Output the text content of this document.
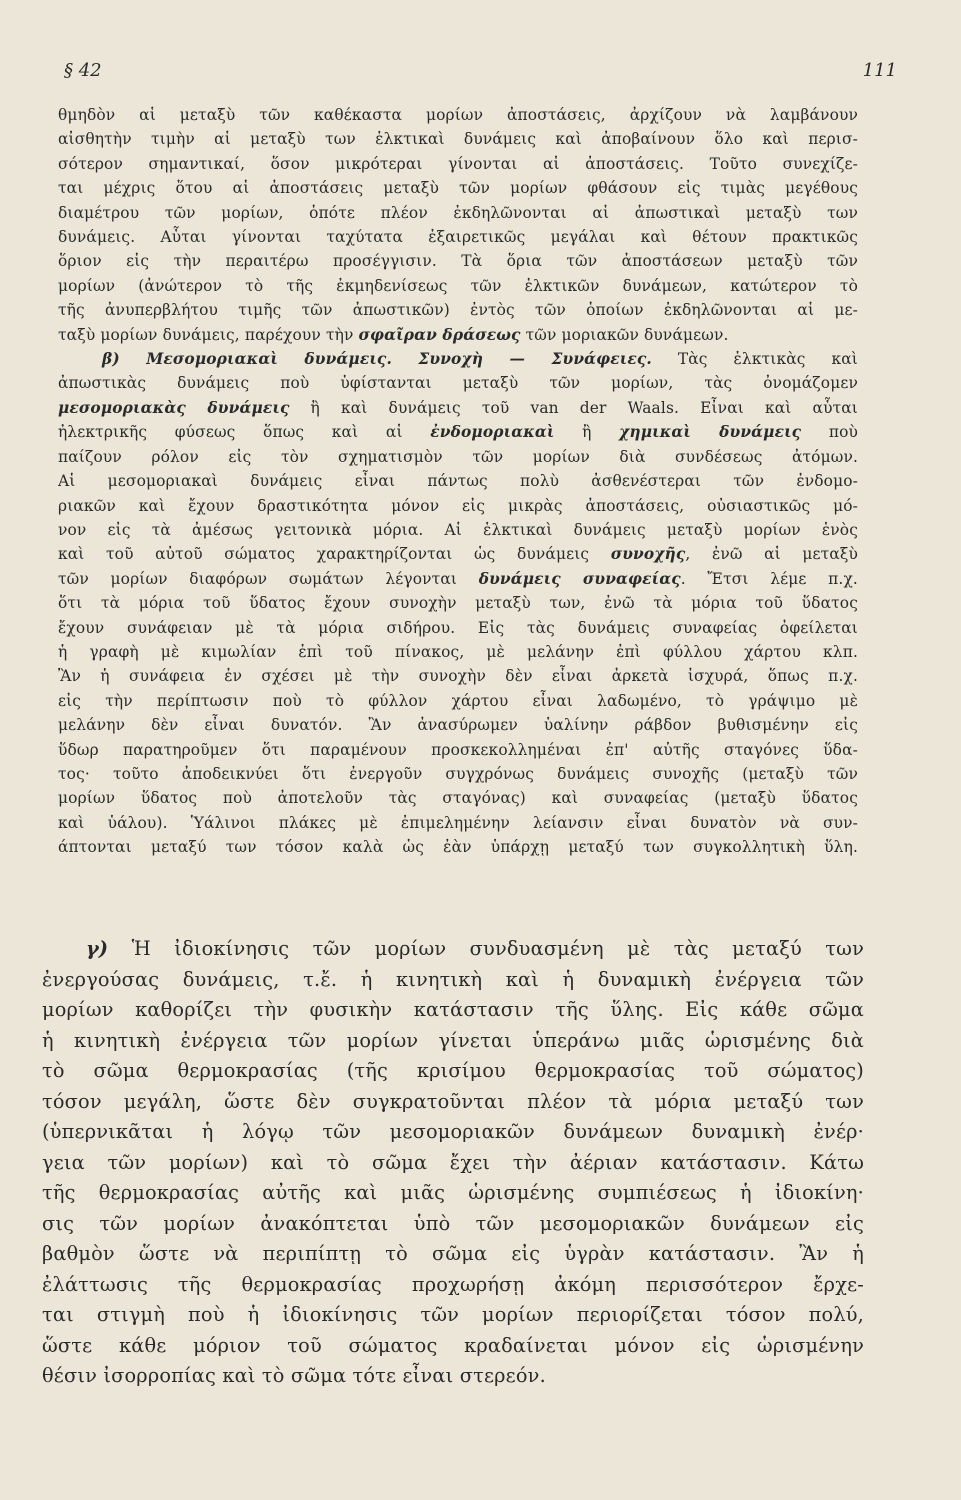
§ 42	111
θμηδὸν αἱ μεταξὺ τῶν καθέκαστα μορίων ἀποστάσεις, ἀρχίζουν νὰ λαμβάνουν
αἰσθητὴν τιμὴν αἱ μεταξὺ των ἑλκτικαὶ δυνάμεις καὶ ἀποβαίνουν ὅλο καὶ περισ-
σότερον σημαντικαί, ὅσον μικρότεραι γίνονται αἱ ἀποστάσεις. Τοῦτο συνεχίζε-
ται μέχρις ὅτου αἱ ἀποστάσεις μεταξὺ τῶν μορίων φθάσουν εἰς τιμὰς μεγέθους
διαμέτρου τῶν μορίων, ὁπότε πλέον ἐκδηλῶνονται αἱ ἀπωστικαὶ μεταξὺ των
δυνάμεις. Αὗται γίνονται ταχύτατα ἐξαιρετικῶς μεγάλαι καὶ θέτουν πρακτικῶς
ὅριον εἰς τὴν περαιτέρω προσέγγισιν. Τὰ ὅρια τῶν ἀποστάσεων μεταξὺ τῶν
μορίων (ἀνώτερον τὸ τῆς ἐκμηδενίσεως τῶν ἑλκτικῶν δυνάμεων, κατώτερον τὸ
τῆς ἀνυπερβλήτου τιμῆς τῶν ἀπωστικῶν) ἐντὸς τῶν ὁποίων ἐκδηλῶνονται αἱ με-
ταξὺ μορίων δυνάμεις, παρέχουν τὴν σφαῖραν δράσεως τῶν μοριακῶν δυνάμεων.
β) Μεσομοριακαὶ δυνάμεις. Συνοχὴ — Συνάφειες. Τὰς ἑλκτικὰς καὶ
ἀπωστικὰς δυνάμεις ποὺ ὑφίστανται μεταξὺ τῶν μορίων, τὰς ὀνομάζομεν
μεσομοριακὰς δυνάμεις ἢ καὶ δυνάμεις τοῦ van der Waals. Εἶναι καὶ αὗται
ἠλεκτρικῆς φύσεως ὅπως καὶ αἱ ἐνδομοριακαὶ ἢ χημικαὶ δυνάμεις ποὺ
παίζουν ρόλον εἰς τὸν σχηματισμὸν τῶν μορίων διὰ συνδέσεως ἀτόμων.
Αἱ μεσομοριακαὶ δυνάμεις εἶναι πάντως πολὺ ἀσθενέστεραι τῶν ἐνδομο-
ριακῶν καὶ ἔχουν δραστικότητα μόνον εἰς μικρὰς ἀποστάσεις, οὐσιαστικῶς μό-
νον εἰς τὰ ἀμέσως γειτονικὰ μόρια. Αἱ ἑλκτικαὶ δυνάμεις μεταξὺ μορίων ἑνὸς
καὶ τοῦ αὐτοῦ σώματος χαρακτηρίζονται ὡς δυνάμεις συνοχῆς, ἐνῶ αἱ μεταξὺ
τῶν μορίων διαφόρων σωμάτων λέγονται δυνάμεις συναφείας. Ἔτσι λέμε π.χ.
ὅτι τὰ μόρια τοῦ ὕδατος ἔχουν συνοχὴν μεταξὺ των, ἐνῶ τὰ μόρια τοῦ ὕδατος
ἔχουν συνάφειαν μὲ τὰ μόρια σιδήρου. Εἰς τὰς δυνάμεις συναφείας ὀφείλεται
ἡ γραφὴ μὲ κιμωλίαν ἐπὶ τοῦ πίνακος, μὲ μελάνην ἐπὶ φύλλου χάρτου κλπ.
Ἂν ἡ συνάφεια ἐν σχέσει μὲ τὴν συνοχὴν δὲν εἶναι ἀρκετὰ ἰσχυρά, ὅπως π.χ.
εἰς τὴν περίπτωσιν ποὺ τὸ φύλλον χάρτου εἶναι λαδωμένο, τὸ γράψιμο μὲ
μελάνην δὲν εἶναι δυνατόν. Ἂν ἀνασύρωμεν ὑαλίνην ράβδον βυθισμένην εἰς
ὕδωρ παρατηροῦμεν ὅτι παραμένουν προσκεκολλημέναι ἐπ' αὐτῆς σταγόνες ὕδα-
τος· τοῦτο ἀποδεικνύει ὅτι ἐνεργοῦν συγχρόνως δυνάμεις συνοχῆς (μεταξὺ τῶν
μορίων ὕδατος ποὺ ἀποτελοῦν τὰς σταγόνας) καὶ συναφείας (μεταξὺ ὕδατος
καὶ ὑάλου). Ὑάλινοι πλάκες μὲ ἐπιμελημένην λείανσιν εἶναι δυνατὸν νὰ συν-
άπτονται μεταξύ των τόσον καλὰ ὡς ἐὰν ὑπάρχῃ μεταξύ των συγκολλητικὴ ὕλη.
γ) Ἡ ἰδιοκίνησις τῶν μορίων συνδυασμένη μὲ τὰς μεταξύ των
ἐνεργούσας δυνάμεις, τ.ἔ. ἡ κινητικὴ καὶ ἡ δυναμικὴ ἐνέργεια τῶν
μορίων καθορίζει τὴν φυσικὴν κατάστασιν τῆς ὕλης. Εἰς κάθε σῶμα
ἡ κινητικὴ ἐνέργεια τῶν μορίων γίνεται ὑπεράνω μιᾶς ὡρισμένης διὰ
τὸ σῶμα θερμοκρασίας (τῆς κρισίμου θερμοκρασίας τοῦ σώματος)
τόσον μεγάλη, ὥστε δὲν συγκρατοῦνται πλέον τὰ μόρια μεταξύ των
(ὑπερνικᾶται ἡ λόγῳ τῶν μεσομοριακῶν δυνάμεων δυναμικὴ ἐνέρ·
γεια τῶν μορίων) καὶ τὸ σῶμα ἔχει τὴν ἀέριαν κατάστασιν. Κάτω
τῆς θερμοκρασίας αὐτῆς καὶ μιᾶς ὡρισμένης συμπιέσεως ἡ ἰδιοκίνη·
σις τῶν μορίων ἀνακόπτεται ὑπὸ τῶν μεσομοριακῶν δυνάμεων εἰς
βαθμὸν ὥστε νὰ περιπίπτῃ τὸ σῶμα εἰς ὑγρὰν κατάστασιν. Ἂν ἡ
ἐλάττωσις τῆς θερμοκρασίας προχωρήσῃ ἀκόμη περισσότερον ἔρχε-
ται στιγμὴ ποὺ ἡ ἰδιοκίνησις τῶν μορίων περιορίζεται τόσον πολύ,
ὥστε κάθε μόριον τοῦ σώματος κραδαίνεται μόνον εἰς ὡρισμένην
θέσιν ἰσορροπίας καὶ τὸ σῶμα τότε εἶναι στερεόν.
